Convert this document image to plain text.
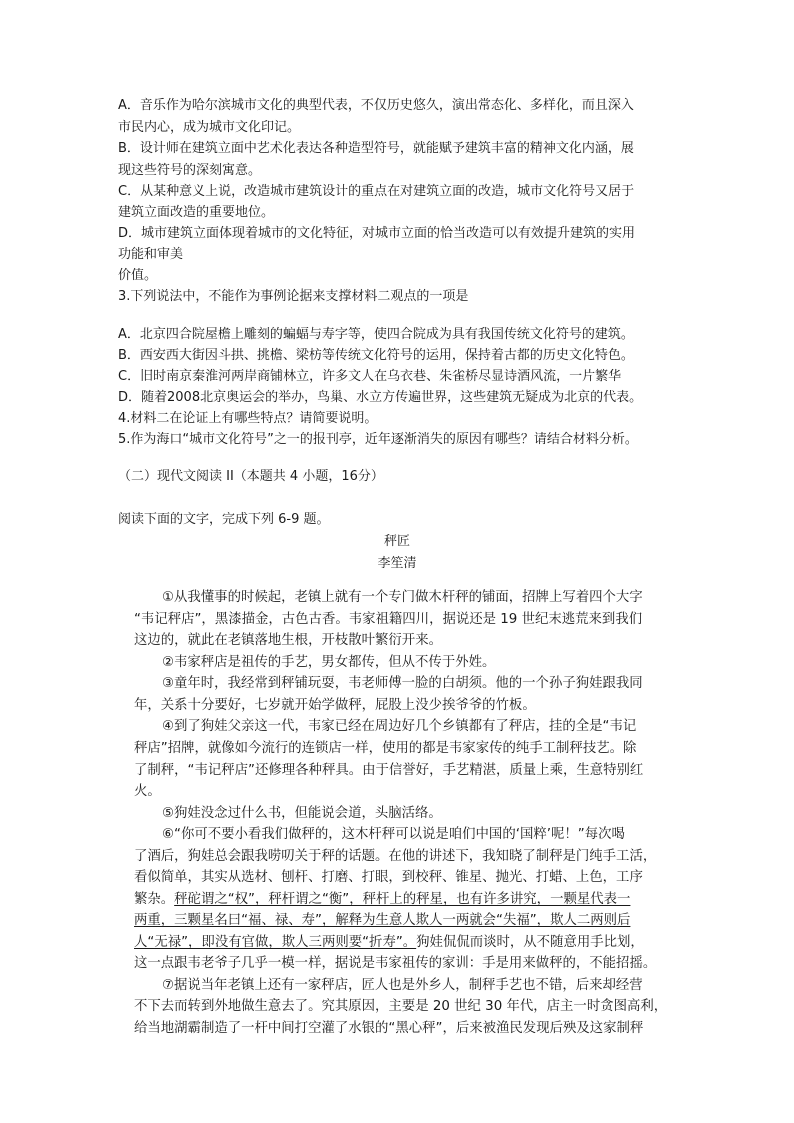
A．音乐作为哈尔滨城市文化的典型代表，不仅历史悠久，演出常态化、多样化，而且深入
市民内心，成为城市文化印记。
B．设计师在建筑立面中艺术化表达各种造型符号，就能赋予建筑丰富的精神文化内涵，展
现这些符号的深刻寓意。
C．从某种意义上说，改造城市建筑设计的重点在对建筑立面的改造，城市文化符号又居于
建筑立面改造的重要地位。
D．城市建筑立面体现着城市的文化特征，对城市立面的恰当改造可以有效提升建筑的实用
功能和审美
价值。
3.下列说法中，不能作为事例论据来支撑材料二观点的一项是
A．北京四合院屋檐上雕刻的蝙蝠与寿字等，使四合院成为具有我国传统文化符号的建筑。
B．西安西大街因斗拱、挑檐、梁枋等传统文化符号的运用，保持着古都的历史文化特色。
C．旧时南京秦淮河两岸商铺林立，许多文人在乌衣巷、朱雀桥尽显诗酒风流，一片繁华
D．随着2008北京奥运会的举办，鸟巢、水立方传遍世界，这些建筑无疑成为北京的代表。
4.材料二在论证上有哪些特点？请简要说明。
5.作为海口“城市文化符号”之一的报刊亭，近年逐渐消失的原因有哪些？请结合材料分析。
（二）现代文阅读 II（本题共 4 小题，16分）
阅读下面的文字，完成下列 6-9 题。
秤匠
李笙清
①从我懂事的时候起，老镇上就有一个专门做木杆秤的铺面，招牌上写着四个大字
“韦记秤店”，黑漆描金，古色古香。韦家祖籍四川，据说还是 19 世纪末逃荒来到我们
这边的，就此在老镇落地生根，开枝散叶繁衍开来。
②韦家秤店是祖传的手艺，男女都传，但从不传于外姓。
③童年时，我经常到秤铺玩耍，韦老师傅一脸的白胡须。他的一个孙子狗娃跟我同
年，关系十分要好，七岁就开始学做秤，屁股上没少挨爷爷的竹板。
④到了狗娃父亲这一代，韦家已经在周边好几个乡镇都有了秤店，挂的全是“韦记
秤店”招牌，就像如今流行的连锁店一样，使用的都是韦家家传的纯手工制秤技艺。除
了制秤，“韦记秤店”还修理各种秤具。由于信誉好，手艺精湛，质量上乘，生意特别红
火。
⑤狗娃没念过什么书，但能说会道，头脑活络。
⑥“你可不要小看我们做秤的，这木杆秤可以说是咱们中国的‘国粹’呢！”每次喝
了酒后，狗娃总会跟我唠叨关于秤的话题。在他的讲述下，我知晓了制秤是门纯手工活，
看似简单，其实从选材、刨杆、打磨、打眼，到校秤、锥星、抛光、打蜡、上色，工序
繁杂。秤砣谓之“权”，秤杆谓之“衡”，秤杆上的秤星，也有许多讲究，一颗星代表一
两重，三颗星名曰“福、禄、寿”，解释为生意人欺人一两就会“失福”，欺人二两则后
人“无禄”，即没有官做，欺人三两则要“折寿”。狗娃侃侃而谈时，从不随意用手比划，
这一点跟韦老爷子几乎一模一样，据说是韦家祖传的家训：手是用来做秤的，不能招摇。
⑦据说当年老镇上还有一家秤店，匠人也是外乡人，制秤手艺也不错，后来却经营
不下去而转到外地做生意去了。究其原因，主要是 20 世纪 30 年代，店主一时贪图高利，
给当地湖霸制造了一杆中间打空灌了水银的“黑心秤”，后来被渔民发现后殃及这家制秤
